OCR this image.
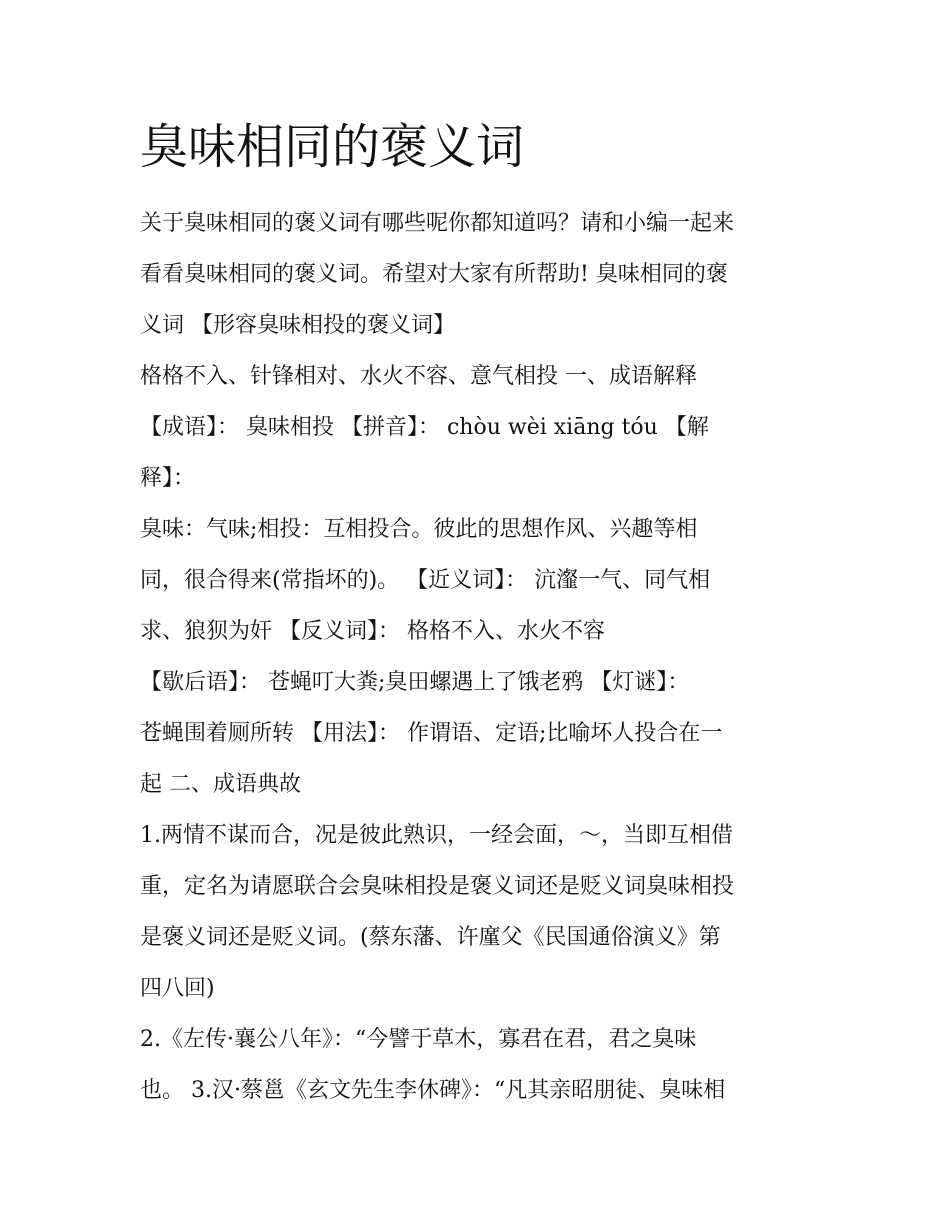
臭味相同的褒义词

关于臭味相同的褒义词有哪些呢你都知道吗？请和小编一起来

看看臭味相同的褒义词。希望对大家有所帮助! 臭味相同的褒

义词 【形容臭味相投的褒义词】

格格不入、针锋相对、水火不容、意气相投 一、成语解释

【成语】： 臭味相投 【拼音】： chòu wèi xiāng tóu 【解

释】：

臭味：气味;相投：互相投合。彼此的思想作风、兴趣等相

同，很合得来(常指坏的)。 【近义词】： 沆瀣一气、同气相

求、狼狈为奸 【反义词】： 格格不入、水火不容

【歇后语】： 苍蝇叮大粪;臭田螺遇上了饿老鸦 【灯谜】：

苍蝇围着厕所转 【用法】： 作谓语、定语;比喻坏人投合在一

起 二、成语典故

1.两情不谋而合，况是彼此熟识，一经会面，～，当即互相借

重，定名为请愿联合会臭味相投是褒义词还是贬义词臭味相投

是褒义词还是贬义词。(蔡东藩、许廑父《民国通俗演义》第

四八回)

2.《左传·襄公八年》：“今譬于草木，寡君在君，君之臭味

也。 3.汉·蔡邕《玄文先生李休碑》：“凡其亲昭朋徒、臭味相
